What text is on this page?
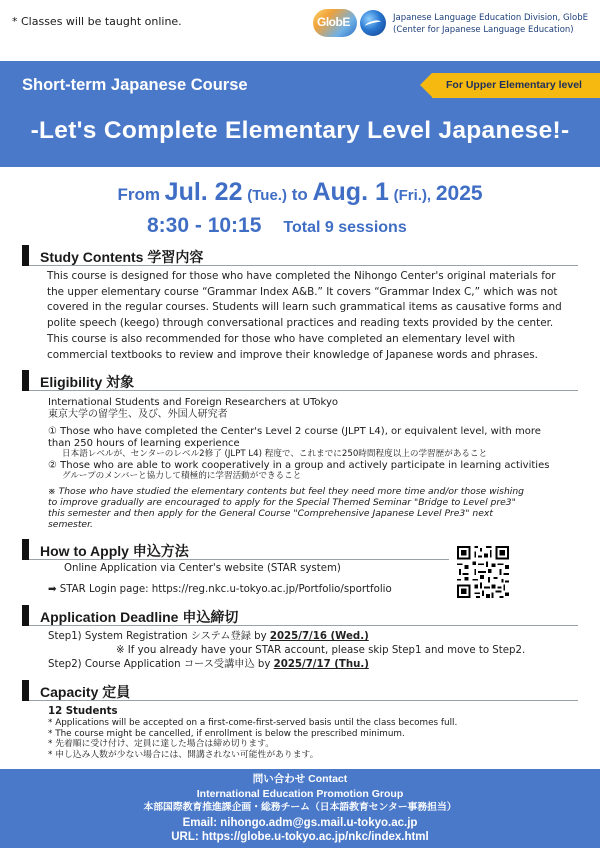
* Classes will be taught online.	GlobE	Japanese Language Education Division, GlobE
(Center for Japanese Language Education)
Short-term Japanese Course	For Upper Elementary level
-Let's Complete Elementary Level Japanese!-
From Jul. 22 (Tue.) to Aug. 1 (Fri.), 2025
8:30 - 10:15 Total 9 sessions
Study Contents 学習内容
This course is designed for those who have completed the Nihongo Center's original materials for
the upper elementary course “Grammar Index A&B.” It covers “Grammar Index C,” which was not
covered in the regular courses. Students will learn such grammatical items as causative forms and
polite speech (keego) through conversational practices and reading texts provided by the center.
This course is also recommended for those who have completed an elementary level with
commercial textbooks to review and improve their knowledge of Japanese words and phrases.
Eligibility 対象
International Students and Foreign Researchers at UTokyo
東京大学の留学生、及び、外国人研究者
① Those who have completed the Center's Level 2 course (JLPT L4), or equivalent level, with more
than 250 hours of learning experience
日本語レベルが、センターのレベル2修了 (JLPT L4) 程度で、これまでに250時間程度以上の学習歴があること
② Those who are able to work cooperatively in a group and actively participate in learning activities
グループのメンバーと協力して積極的に学習活動ができること
※ Those who have studied the elementary contents but feel they need more time and/or those wishing
to improve gradually are encouraged to apply for the Special Themed Seminar "Bridge to Level pre3"
this semester and then apply for the General Course "Comprehensive Japanese Level Pre3" next
semester.
How to Apply 申込方法
Online Application via Center's website (STAR system)
➡ STAR Login page: https://reg.nkc.u-tokyo.ac.jp/Portfolio/sportfolio
Application Deadline 申込締切
Step1) System Registration システム登録 by 2025/7/16 (Wed.)
※ If you already have your STAR account, please skip Step1 and move to Step2.
Step2) Course Application コース受講申込 by 2025/7/17 (Thu.)
Capacity 定員
12 Students
* Applications will be accepted on a first-come-first-served basis until the class becomes full.
* The course might be cancelled, if enrollment is below the prescribed minimum.
* 先着順に受け付け、定員に達した場合は締め切ります。
* 申し込み人数が少ない場合には、開講されない可能性があります。
問い合わせ Contact
International Education Promotion Group
本部国際教育推進課企画・総務チーム（日本語教育センター事務担当）
Email: nihongo.adm@gs.mail.u-tokyo.ac.jp
URL: https://globe.u-tokyo.ac.jp/nkc/index.html
